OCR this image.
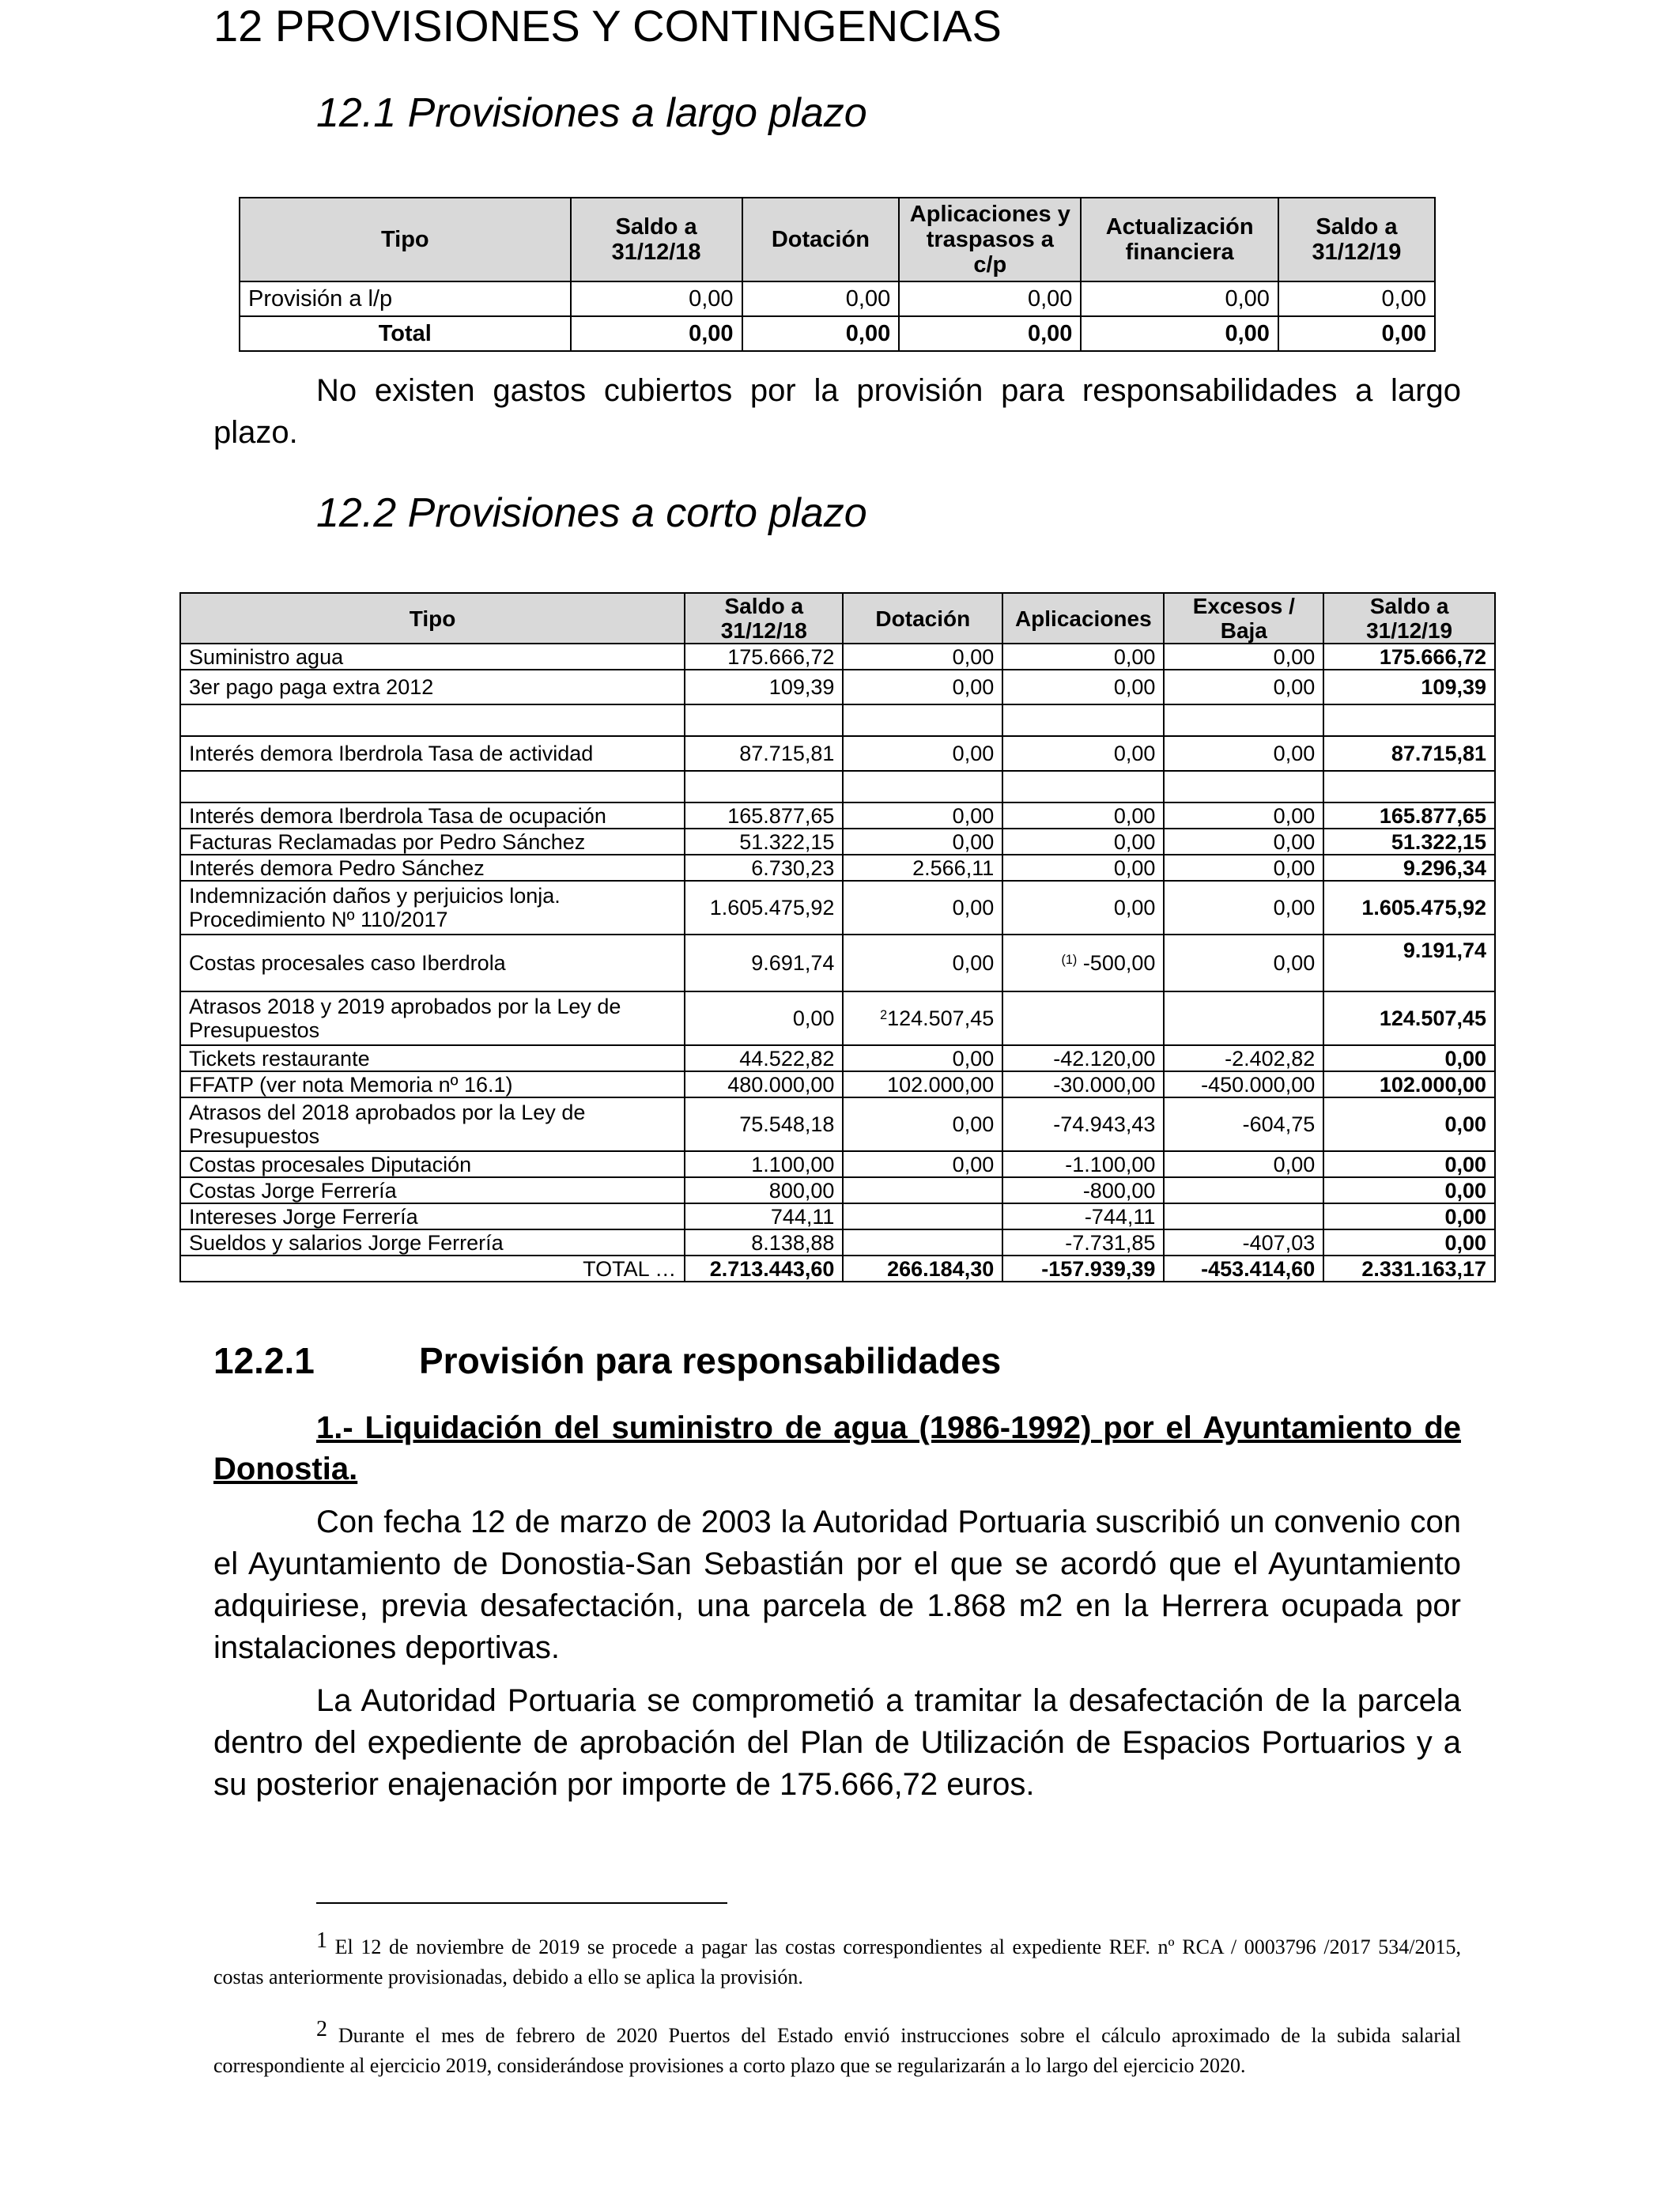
12 PROVISIONES Y CONTINGENCIAS
12.1 Provisiones a largo plazo
Tipo	Saldo a 31/12/18	Dotación	Aplicaciones y traspasos a c/p	Actualización financiera	Saldo a 31/12/19
Provisión a l/p	0,00	0,00	0,00	0,00	0,00
Total	0,00	0,00	0,00	0,00	0,00
No existen gastos cubiertos por la provisión para responsabilidades a largo plazo.
12.2 Provisiones a corto plazo
Tipo	Saldo a 31/12/18	Dotación	Aplicaciones	Excesos / Baja	Saldo a 31/12/19
Suministro agua	175.666,72	0,00	0,00	0,00	175.666,72
3er pago paga extra 2012	109,39	0,00	0,00	0,00	109,39

Interés demora Iberdrola Tasa de actividad	87.715,81	0,00	0,00	0,00	87.715,81

Interés demora Iberdrola Tasa de ocupación	165.877,65	0,00	0,00	0,00	165.877,65
Facturas Reclamadas por Pedro Sánchez	51.322,15	0,00	0,00	0,00	51.322,15
Interés demora Pedro Sánchez	6.730,23	2.566,11	0,00	0,00	9.296,34
Indemnización daños y perjuicios lonja. Procedimiento Nº 110/2017	1.605.475,92	0,00	0,00	0,00	1.605.475,92
Costas procesales caso Iberdrola	9.691,74	0,00	$^{(1)}$ -500,00	0,00	9.191,74
Atrasos 2018 y 2019 aprobados por la Ley de Presupuestos	0,00	$^2$124.507,45			124.507,45
Tickets restaurante	44.522,82	0,00	-42.120,00	-2.402,82	0,00
FFATP (ver nota Memoria nº 16.1)	480.000,00	102.000,00	-30.000,00	-450.000,00	102.000,00
Atrasos del 2018 aprobados por la Ley de Presupuestos	75.548,18	0,00	-74.943,43	-604,75	0,00
Costas procesales Diputación	1.100,00	0,00	-1.100,00	0,00	0,00
Costas Jorge Ferrería	800,00		-800,00		0,00
Intereses Jorge Ferrería	744,11		-744,11		0,00
Sueldos y salarios Jorge Ferrería	8.138,88		-7.731,85	-407,03	0,00
TOTAL …	2.713.443,60	266.184,30	-157.939,39	-453.414,60	2.331.163,17
12.2.1	Provisión para responsabilidades
1.- Liquidación del suministro de agua (1986-1992) por el Ayuntamiento de Donostia.
Con fecha 12 de marzo de 2003 la Autoridad Portuaria suscribió un convenio con el Ayuntamiento de Donostia-San Sebastián por el que se acordó que el Ayuntamiento adquiriese, previa desafectación, una parcela de 1.868 m2 en la Herrera ocupada por instalaciones deportivas.
La Autoridad Portuaria se comprometió a tramitar la desafectación de la parcela dentro del expediente de aprobación del Plan de Utilización de Espacios Portuarios y a su posterior enajenación por importe de 175.666,72 euros.
$^1$ El 12 de noviembre de 2019 se procede a pagar las costas correspondientes al expediente REF. nº RCA / 0003796 /2017 534/2015, costas anteriormente provisionadas, debido a ello se aplica la provisión.
$^2$ Durante el mes de febrero de 2020 Puertos del Estado envió instrucciones sobre el cálculo aproximado de la subida salarial correspondiente al ejercicio 2019, considerándose provisiones a corto plazo que se regularizarán a lo largo del ejercicio 2020.
